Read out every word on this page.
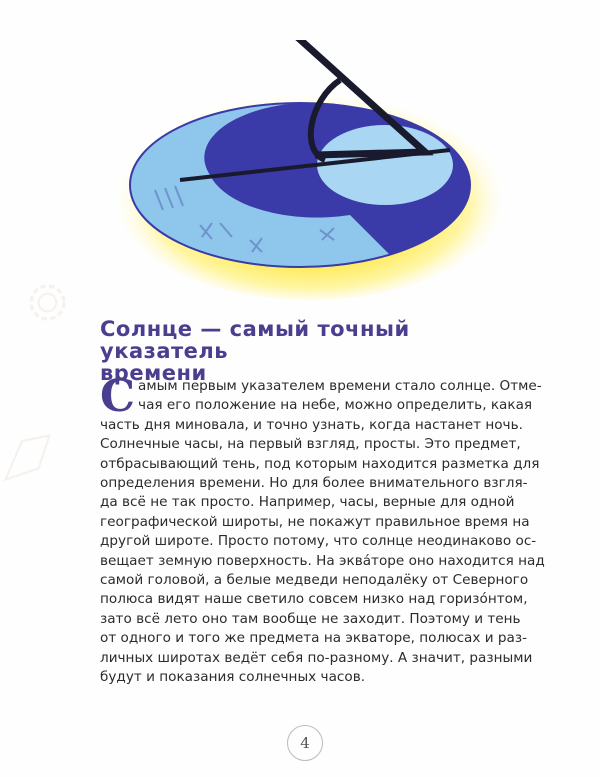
Солнце — самый точный указатель
времени
С амым первым указателем времени стало солнце. Отме-
чая его положение на небе, можно определить, какая
часть дня миновала, и точно узнать, когда настанет ночь.
Солнечные часы, на первый взгляд, просты. Это предмет,
отбрасывающий тень, под которым находится разметка для
определения времени. Но для более внимательного взгля-
да всё не так просто. Например, часы, верные для одной
географической широты, не покажут правильное время на
другой широте. Просто потому, что солнце неодинаково ос-
вещает земную поверхность. На эква́торе оно находится над
самой головой, а белые медведи неподалёку от Северного
полюса видят наше светило совсем низко над горизо́нтом,
зато всё лето оно там вообще не заходит. Поэтому и тень
от одного и того же предмета на экваторе, полюсах и раз-
личных широтах ведёт себя по-разному. А значит, разными
будут и показания солнечных часов.
4
